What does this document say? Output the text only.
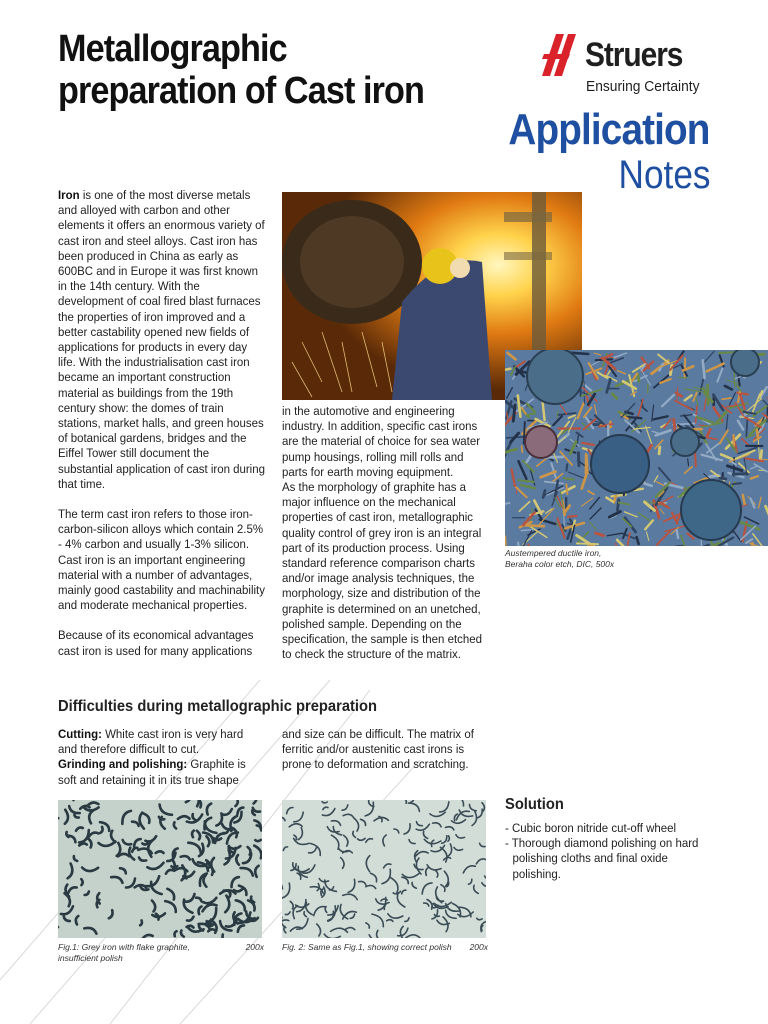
Metallographic
preparation of Cast iron
Struers
Ensuring Certainty
Application
Notes

Iron is one of the most diverse metals and alloyed with carbon and other elements it offers an enormous variety of cast iron and steel alloys. Cast iron has been produced in China as early as 600BC and in Europe it was first known in the 14th century. With the development of coal fired blast furnaces the properties of iron improved and a better castability opened new fields of applications for products in every day life. With the industrialisation cast iron became an important construction material as buildings from the 19th century show: the domes of train stations, market halls, and green houses of botanical gardens, bridges and the Eiffel Tower still document the substantial application of cast iron during that time.

The term cast iron refers to those iron-carbon-silicon alloys which contain 2.5% - 4% carbon and usually 1-3% silicon. Cast iron is an important engineering material with a number of advantages, mainly good castability and machinability and moderate mechanical properties.

Because of its economical advantages cast iron is used for many applications

in the automotive and engineering industry. In addition, specific cast irons are the material of choice for sea water pump housings, rolling mill rolls and parts for earth moving equipment.

As the morphology of graphite has a major influence on the mechanical properties of cast iron, metallographic quality control of grey iron is an integral part of its production process. Using standard reference comparison charts and/or image analysis techniques, the morphology, size and distribution of the graphite is determined on an unetched, polished sample. Depending on the specification, the sample is then etched to check the structure of the matrix.

Austempered ductile iron, Beraha color etch, DIC, 500x
Difficulties during metallographic preparation
Cutting: White cast iron is very hard and therefore difficult to cut.
Grinding and polishing: Graphite is soft and retaining it in its true shape
and size can be difficult. The matrix of ferritic and/or austenitic cast irons is prone to deformation and scratching.
Fig.1: Grey iron with flake graphite, insufficient polish
200x Fig. 2: Same as Fig.1, showing correct polish	200x
Solution
- Cubic boron nitride cut-off wheel
- Thorough diamond polishing on hard polishing cloths and final oxide polishing.
